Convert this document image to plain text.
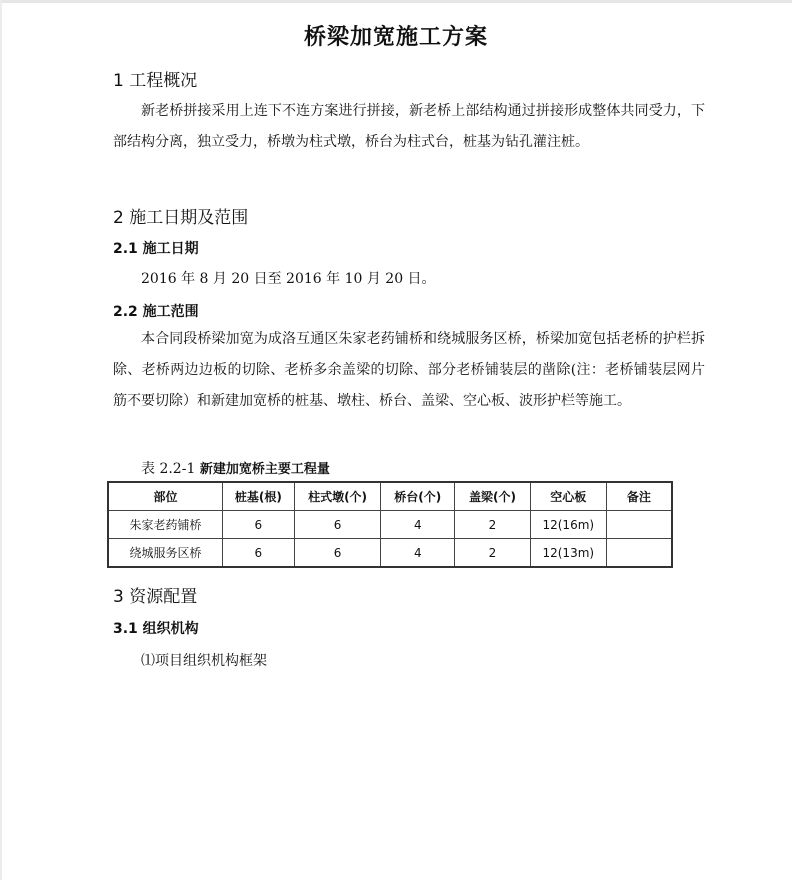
桥梁加宽施工方案
1 工程概况

新老桥拼接采用上连下不连方案进行拼接，新老桥上部结构通过拼接形成整体共同受力，下部结构分离，独立受力，桥墩为柱式墩，桥台为柱式台，桩基为钻孔灌注桩。

2 施工日期及范围
2.1 施工日期

2016 年 8 月 20 日至 2016 年 10 月 20 日。

2.2 施工范围

本合同段桥梁加宽为成洛互通区朱家老药铺桥和绕城服务区桥，桥梁加宽包括老桥的护栏拆除、老桥两边边板的切除、老桥多余盖梁的切除、部分老桥铺装层的凿除(注：老桥铺装层网片筋不要切除）和新建加宽桥的桩基、墩柱、桥台、盖梁、空心板、波形护栏等施工。

表 2.2-1 新建加宽桥主要工程量
部位	桩基(根)	柱式墩(个)	桥台(个)	盖梁(个)	空心板	备注
朱家老药铺桥	6	6	4	2	12(16m)	
绕城服务区桥	6	6	4	2	12(13m)	
3 资源配置
3.1 组织机构

⑴项目组织机构框架
